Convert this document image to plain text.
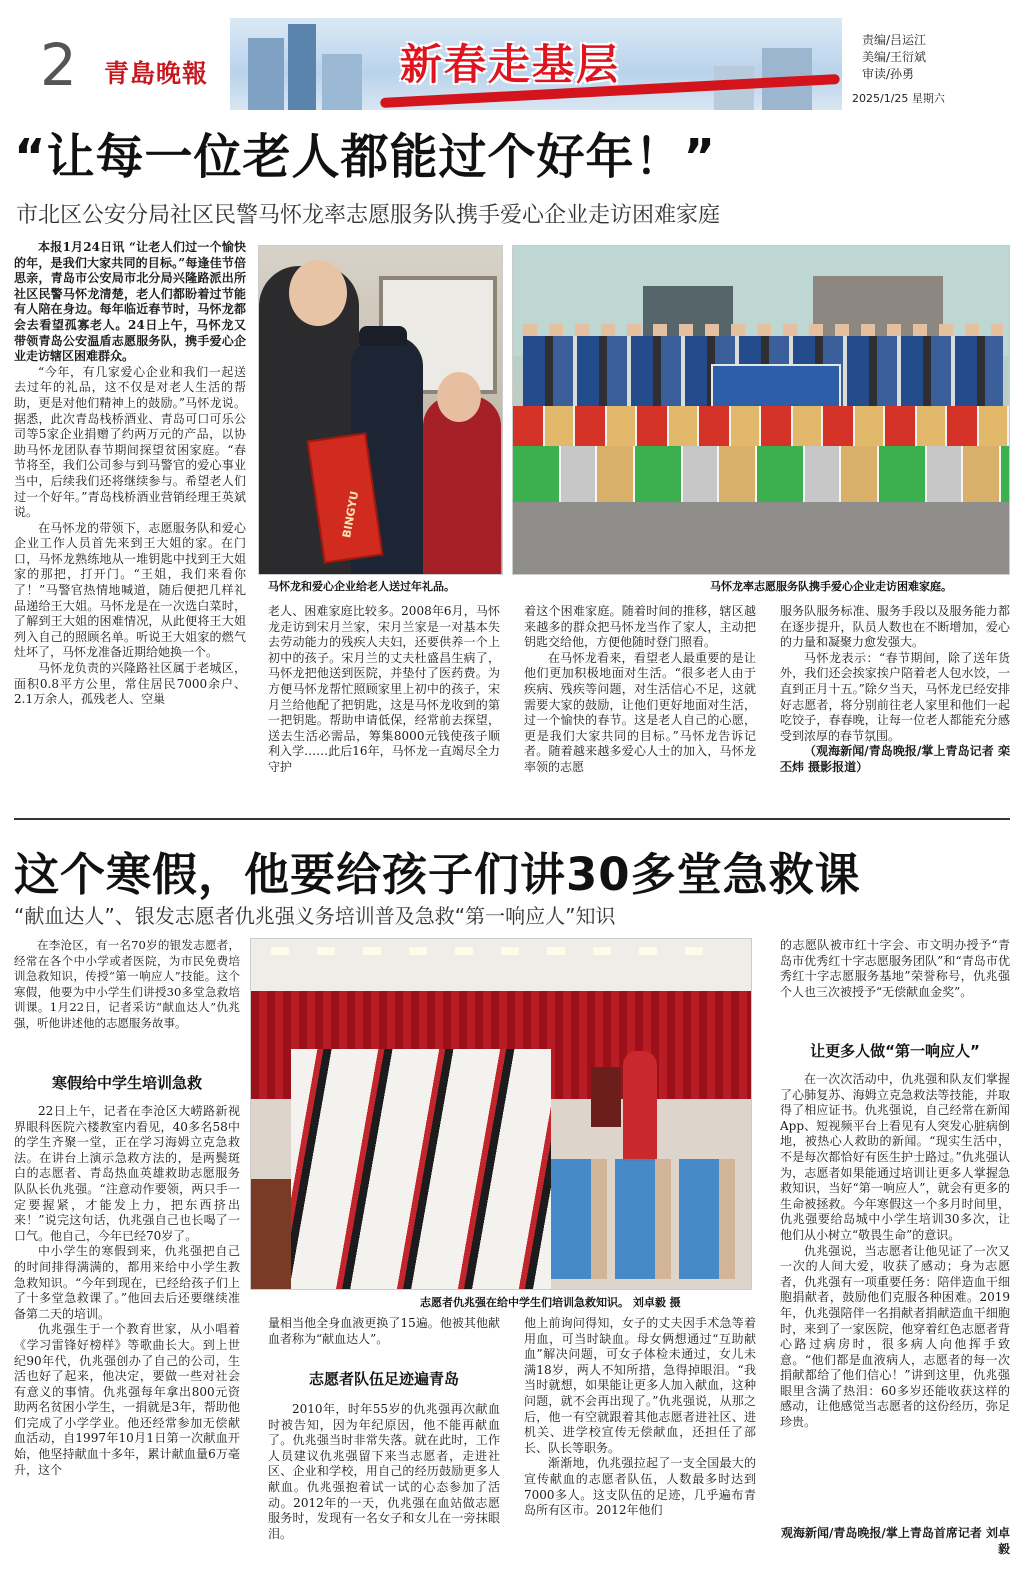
2 青島晚報	新春走基层	责编/吕运江
美编/王衍斌
审读/孙勇
2025/1/25 星期六
“让每一位老人都能过个好年！”
市北区公安分局社区民警马怀龙率志愿服务队携手爱心企业走访困难家庭

本报1月24日讯 “让老人们过一个愉快的年，是我们大家共同的目标。”每逢佳节倍思亲，青岛市公安局市北分局兴隆路派出所社区民警马怀龙清楚，老人们都盼着过节能有人陪在身边。每年临近春节时，马怀龙都会去看望孤寡老人。24日上午，马怀龙又带领青岛公安温盾志愿服务队，携手爱心企业走访辖区困难群众。

“今年，有几家爱心企业和我们一起送去过年的礼品，这不仅是对老人生活的帮助，更是对他们精神上的鼓励。”马怀龙说。据悉，此次青岛栈桥酒业、青岛可口可乐公司等5家企业捐赠了约两万元的产品，以协助马怀龙团队春节期间探望贫困家庭。“春节将至，我们公司参与到马警官的爱心事业当中，后续我们还将继续参与。希望老人们过一个好年。”青岛栈桥酒业营销经理王英斌说。

在马怀龙的带领下，志愿服务队和爱心企业工作人员首先来到王大姐的家。在门口，马怀龙熟练地从一堆钥匙中找到王大姐家的那把，打开门。“王姐，我们来看你了！”马警官热情地喊道，随后便把几样礼品递给王大姐。马怀龙是在一次选白菜时，了解到王大姐的困难情况，从此便将王大姐列入自己的照顾名单。听说王大姐家的燃气灶坏了，马怀龙准备近期给她换一个。

马怀龙负责的兴隆路社区属于老城区，面积0.8平方公里，常住居民7000余户、2.1万余人，孤残老人、空巢

BINGYU
马怀龙和爱心企业给老人送过年礼品。	马怀龙率志愿服务队携手爱心企业走访困难家庭。

老人、困难家庭比较多。2008年6月，马怀龙走访到宋月兰家，宋月兰家是一对基本失去劳动能力的残疾人夫妇，还要供养一个上初中的孩子。宋月兰的丈夫杜盛昌生病了，马怀龙把他送到医院，并垫付了医药费。为方便马怀龙帮忙照顾家里上初中的孩子，宋月兰给他配了把钥匙，这是马怀龙收到的第一把钥匙。帮助申请低保，经常前去探望，送去生活必需品，筹集8000元钱使孩子顺利入学……此后16年，马怀龙一直竭尽全力守护

着这个困难家庭。随着时间的推移，辖区越来越多的群众把马怀龙当作了家人，主动把钥匙交给他，方便他随时登门照看。

在马怀龙看来，看望老人最重要的是让他们更加积极地面对生活。“很多老人由于疾病、残疾等问题，对生活信心不足，这就需要大家的鼓励，让他们更好地面对生活，过一个愉快的春节。这是老人自己的心愿，更是我们大家共同的目标。”马怀龙告诉记者。随着越来越多爱心人士的加入，马怀龙率领的志愿

服务队服务标准、服务手段以及服务能力都在逐步提升，队员人数也在不断增加，爱心的力量和凝聚力愈发强大。

马怀龙表示：“春节期间，除了送年货外，我们还会挨家挨户陪着老人包水饺，一直到正月十五。”除夕当天，马怀龙已经安排好志愿者，将分别前往老人家里和他们一起吃饺子，春春晚，让每一位老人都能充分感受到浓厚的春节氛围。

（观海新闻/青岛晚报/掌上青岛记者 栾丕炜 摄影报道）

这个寒假，他要给孩子们讲30多堂急救课
“献血达人”、银发志愿者仇兆强义务培训普及急救“第一响应人”知识

在李沧区，有一名70岁的银发志愿者，经常在各个中小学或者医院，为市民免费培训急救知识，传授“第一响应人”技能。这个寒假，他要为中小学生们讲授30多堂急救培训课。1月22日，记者采访“献血达人”仇兆强，听他讲述他的志愿服务故事。

寒假给中学生培训急救

22日上午，记者在李沧区大崂路新视界眼科医院六楼教室内看见，40多名58中的学生齐聚一堂，正在学习海姆立克急救法。在讲台上演示急救方法的，是两鬓斑白的志愿者、青岛热血英雄救助志愿服务队队长仇兆强。“注意动作要领，两只手一定要握紧，才能发上力，把东西挤出来！”说完这句话，仇兆强自己也长喝了一口气。他自己，今年已经70岁了。

中小学生的寒假到来，仇兆强把自己的时间排得满满的，都用来给中小学生教急救知识。“今年到现在，已经给孩子们上了十多堂急救课了。”他回去后还要继续准备第二天的培训。

仇兆强生于一个教育世家，从小唱着《学习雷锋好榜样》等歌曲长大。到上世纪90年代，仇兆强创办了自己的公司，生活也好了起来，他决定，要做一些对社会有意义的事情。仇兆强每年拿出800元资助两名贫困小学生，一捐就是3年，帮助他们完成了小学学业。他还经常参加无偿献血活动，自1997年10月1日第一次献血开始，他坚持献血十多年，累计献血量6万毫升，这个

志愿者仇兆强在给中学生们培训急救知识。 刘卓毅 摄

量相当他全身血液更换了15遍。他被其他献血者称为“献血达人”。

志愿者队伍足迹遍青岛

2010年，时年55岁的仇兆强再次献血时被告知，因为年纪原因，他不能再献血了。仇兆强当时非常失落。就在此时，工作人员建议仇兆强留下来当志愿者，走进社区、企业和学校，用自己的经历鼓励更多人献血。仇兆强抱着试一试的心态参加了活动。2012年的一天，仇兆强在血站做志愿服务时，发现有一名女子和女儿在一旁抹眼泪。

他上前询问得知，女子的丈夫因手术急等着用血，可当时缺血。母女俩想通过“互助献血”解决问题，可女子体检未通过，女儿未满18岁，两人不知所措，急得掉眼泪。“我当时就想，如果能让更多人加入献血，这种问题，就不会再出现了。”仇兆强说，从那之后，他一有空就跟着其他志愿者进社区、进机关、进学校宣传无偿献血，还担任了部长、队长等职务。

渐渐地，仇兆强拉起了一支全国最大的宣传献血的志愿者队伍，人数最多时达到7000多人。这支队伍的足迹，几乎遍布青岛所有区市。2012年他们

的志愿队被市红十字会、市文明办授予“青岛市优秀红十字志愿服务团队”和“青岛市优秀红十字志愿服务基地”荣誉称号，仇兆强个人也三次被授予“无偿献血金奖”。

让更多人做“第一响应人”

在一次次活动中，仇兆强和队友们掌握了心肺复苏、海姆立克急救法等技能，并取得了相应证书。仇兆强说，自己经常在新闻App、短视频平台上看见有人突发心脏病倒地，被热心人救助的新闻。“现实生活中，不是每次都恰好有医生护士路过。”仇兆强认为，志愿者如果能通过培训让更多人掌握急救知识，当好“第一响应人”，就会有更多的生命被拯救。今年寒假这一个多月时间里，仇兆强要给岛城中小学生培训30多次，让他们从小树立“敬畏生命”的意识。

仇兆强说，当志愿者让他见证了一次又一次的人间大爱，收获了感动；身为志愿者，仇兆强有一项重要任务：陪伴造血干细胞捐献者，鼓励他们克服各种困难。2019年，仇兆强陪伴一名捐献者捐献造血干细胞时，来到了一家医院，他穿着红色志愿者背心路过病房时，很多病人向他挥手致意。“他们都是血液病人，志愿者的每一次捐献都给了他们信心！”讲到这里，仇兆强眼里含满了热泪：60多岁还能收获这样的感动，让他感觉当志愿者的这份经历，弥足珍贵。

观海新闻/青岛晚报/掌上青岛首席记者 刘卓毅
